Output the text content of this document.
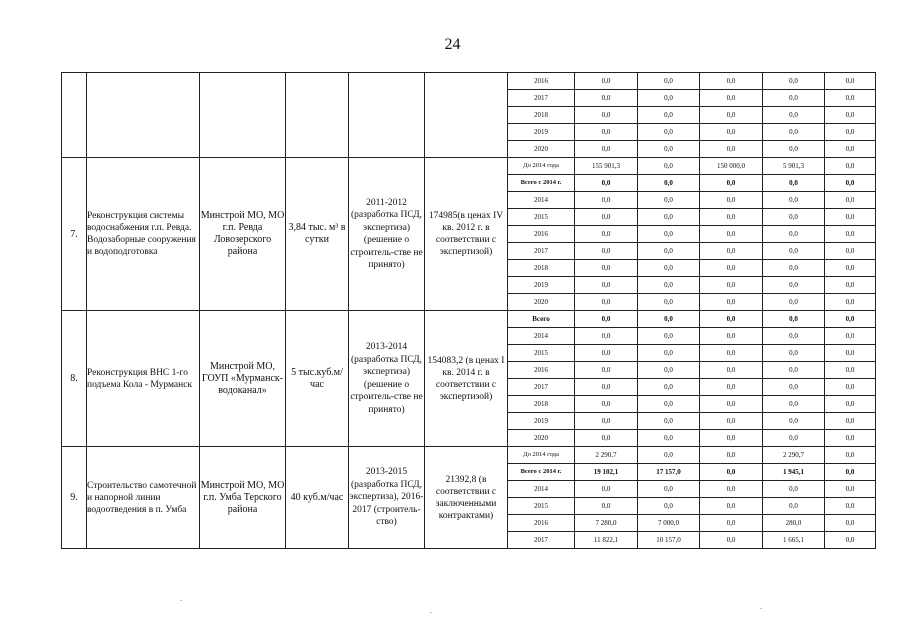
24
						2016	0,0	0,0	0,0	0,0	0,0
						2017	0,0	0,0	0,0	0,0	0,0
						2018	0,0	0,0	0,0	0,0	0,0
						2019	0,0	0,0	0,0	0,0	0,0
						2020	0,0	0,0	0,0	0,0	0,0
7.	Реконструкция системы водоснабжения г.п. Ревда. Водозаборные сооружения и водоподготовка	Минстрой МО, МО г.п. Ревда Ловозерского района	3,84 тыс. м³ в сутки	2011-2012 (разработка ПСД, экспертиза) (решение о строитель-стве не принято)	174985(в ценах IV кв. 2012 г. в соответствии с экспертизой)	До 2014 года	155 901,3	0,0	150 000,0	5 901,3	0,0
						Всего с 2014 г.	0,0	0,0	0,0	0,0	0,0
						2014	0,0	0,0	0,0	0,0	0,0
						2015	0,0	0,0	0,0	0,0	0,0
						2016	0,0	0,0	0,0	0,0	0,0
						2017	0,0	0,0	0,0	0,0	0,0
						2018	0,0	0,0	0,0	0,0	0,0
						2019	0,0	0,0	0,0	0,0	0,0
						2020	0,0	0,0	0,0	0,0	0,0
8.	Реконструкция ВНС 1-го подъема Кола - Мурманск	Минстрой МО, ГОУП «Мурманск-водоканал»	5 тыс.куб.м/час	2013-2014 (разработка ПСД, экспертиза) (решение о строитель-стве не принято)	154083,2 (в ценах I кв. 2014 г. в соответствии с экспертизой)	Всего	0,0	0,0	0,0	0,0	0,0
						2014	0,0	0,0	0,0	0,0	0,0
						2015	0,0	0,0	0,0	0,0	0,0
						2016	0,0	0,0	0,0	0,0	0,0
						2017	0,0	0,0	0,0	0,0	0,0
						2018	0,0	0,0	0,0	0,0	0,0
						2019	0,0	0,0	0,0	0,0	0,0
						2020	0,0	0,0	0,0	0,0	0,0
9.	Строительство самотечной и напорной линии водоотведения в п. Умба	Минстрой МО, МО г.п. Умба Терского района	40 куб.м/час	2013-2015 (разработка ПСД, экспертиза), 2016-2017 (строитель-ство)	21392,8 (в соответствии с заключенными контрактами)	До 2014 года	2 290,7	0,0	0,0	2 290,7	0,0
						Всего с 2014 г.	19 102,1	17 157,0	0,0	1 945,1	0,0
						2014	0,0	0,0	0,0	0,0	0,0
						2015	0,0	0,0	0,0	0,0	0,0
						2016	7 280,0	7 000,0	0,0	280,0	0,0
						2017	11 822,1	10 157,0	0,0	1 665,1	0,0
